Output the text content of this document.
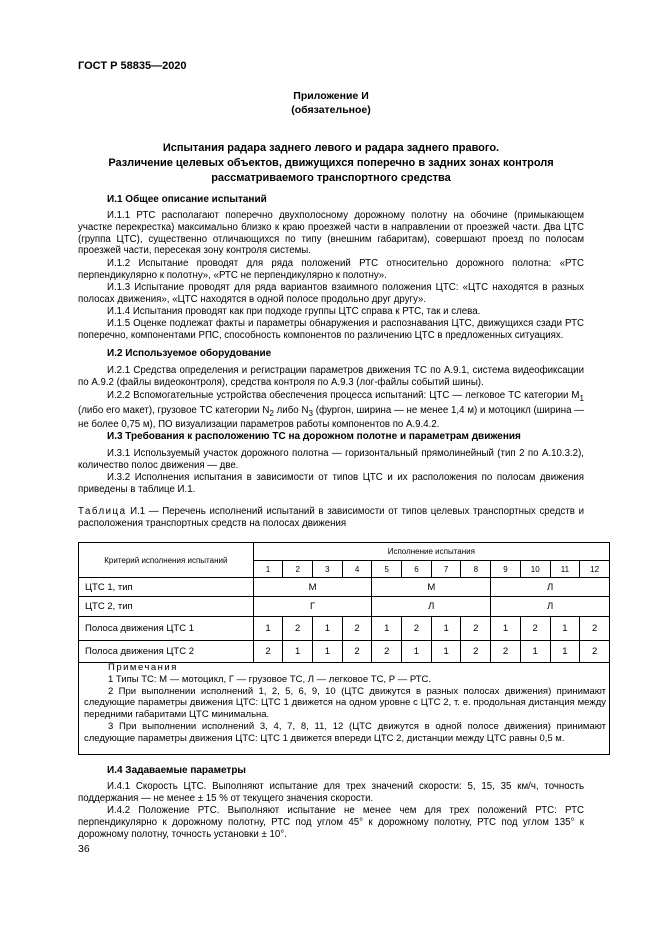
ГОСТ Р 58835—2020
Приложение И
(обязательное)
Испытания радара заднего левого и радара заднего правого.
Различение целевых объектов, движущихся поперечно в задних зонах контроля
рассматриваемого транспортного средства
И.1 Общее описание испытаний

И.1.1 РТС располагают поперечно двухполосному дорожному полотну на обочине (примыкающем участке перекрестка) максимально близко к краю проезжей части в направлении от проезжей части. Два ЦТС (группа ЦТС), существенно отличающихся по типу (внешним габаритам), совершают проезд по полосам проезжей части, пересекая зону контроля системы.

И.1.2 Испытание проводят для ряда положений РТС относительно дорожного полотна: «РТС перпендикулярно к полотну», «РТС не перпендикулярно к полотну».

И.1.3 Испытание проводят для ряда вариантов взаимного положения ЦТС: «ЦТС находятся в разных полосах движения», «ЦТС находятся в одной полосе продольно друг другу».

И.1.4 Испытания проводят как при подходе группы ЦТС справа к РТС, так и слева.

И.1.5 Оценке подлежат факты и параметры обнаружения и распознавания ЦТС, движущихся сзади РТС поперечно, компонентами РПС, способность компонентов по различению ЦТС в предложенных ситуациях.

И.2 Используемое оборудование

И.2.1 Средства определения и регистрации параметров движения ТС по А.9.1, система видеофиксации по А.9.2 (файлы видеоконтроля), средства контроля по А.9.3 (лог-файлы событий шины).

И.2.2 Вспомогательные устройства обеспечения процесса испытаний: ЦТС — легковое ТС категории $M_1$ (либо его макет), грузовое ТС категории $N_2$ либо $N_3$ (фургон, ширина — не менее 1,4 м) и мотоцикл (ширина — не более 0,75 м), ПО визуализации параметров работы компонентов по А.9.4.2.

И.3 Требования к расположению ТС на дорожном полотне и параметрам движения

И.3.1 Используемый участок дорожного полотна — горизонтальный прямолинейный (тип 2 по А.10.3.2), количество полос движения — две.

И.3.2 Исполнения испытания в зависимости от типов ЦТС и их расположения по полосам движения приведены в таблице И.1.

Таблица И.1 — Перечень исполнений испытаний в зависимости от типов целевых транспортных средств и расположения транспортных средств на полосах движения

Критерий исполнения испытаний	Исполнение испытания											
	1	2	3	4	5	6	7	8	9	10	11	12
ЦТС 1, тип	М				М				Л			
ЦТС 2, тип	Г				Л				Л			
Полоса движения ЦТС 1	1	2	1	2	1	2	1	2	1	2	1	2
Полоса движения ЦТС 2	2	1	1	2	2	1	1	2	2	1	1	2

Примечания

1 Типы ТС: М — мотоцикл, Г — грузовое ТС, Л — легковое ТС, Р — РТС.

2 При выполнении исполнений 1, 2, 5, 6, 9, 10 (ЦТС движутся в разных полосах движения) принимают следующие параметры движения ЦТС: ЦТС 1 движется на одном уровне с ЦТС 2, т. е. продольная дистанция между передними габаритами ЦТС минимальна.

3 При выполнении исполнений 3, 4, 7, 8, 11, 12 (ЦТС движутся в одной полосе движения) принимают следующие параметры движения ЦТС: ЦТС 1 движется впереди ЦТС 2, дистанции между ЦТС равны 0,5 м.

И.4 Задаваемые параметры

И.4.1 Скорость ЦТС. Выполняют испытание для трех значений скорости: 5, 15, 35 км/ч, точность поддержания — не менее ± 15 % от текущего значения скорости.

И.4.2 Положение РТС. Выполняют испытание не менее чем для трех положений РТС: РТС перпендикулярно к дорожному полотну, РТС под углом 45° к дорожному полотну, РТС под углом 135° к дорожному полотну, точность установки ± 10°.

36
